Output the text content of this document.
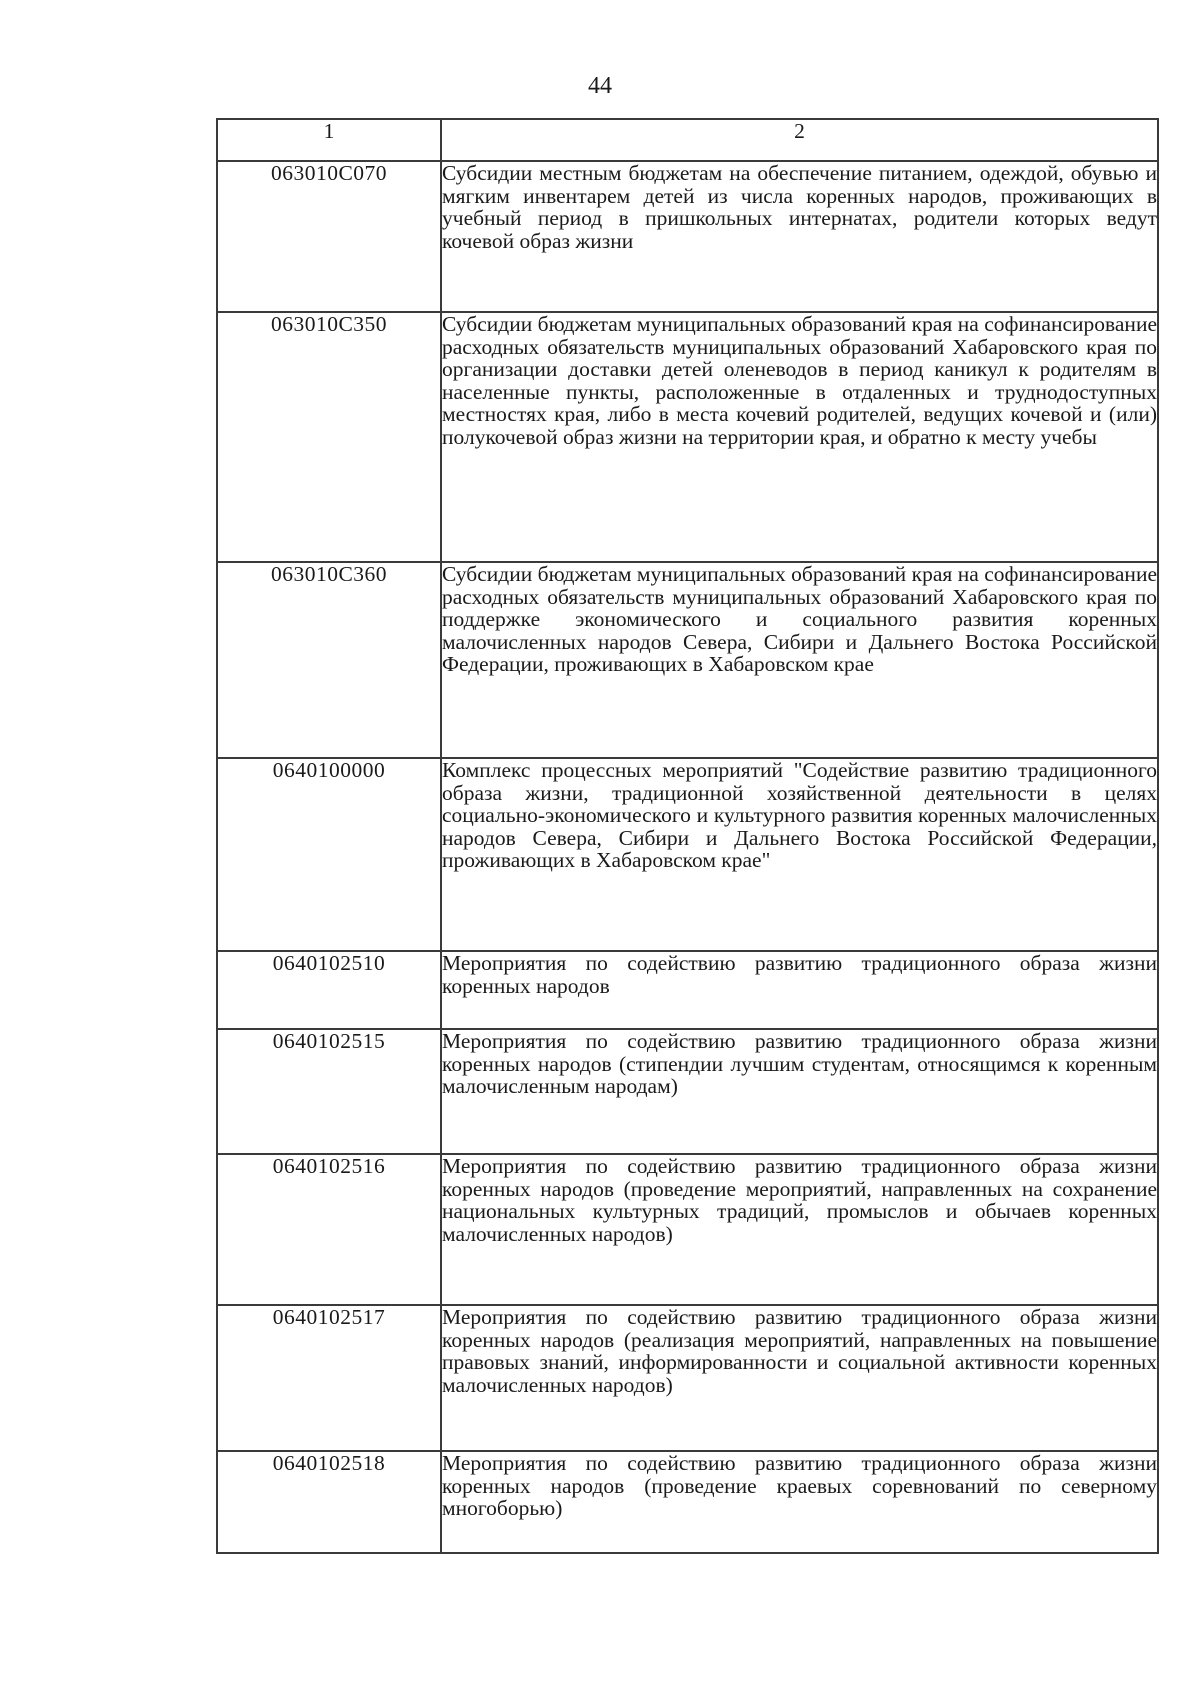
44
1	2
063010С070	Субсидии местным бюджетам на обеспечение питанием, одеждой, обувью и мягким инвентарем детей из числа коренных народов, проживающих в учебный период в пришкольных интернатах, родители которых ведут кочевой образ жизни
063010С350	Субсидии бюджетам муниципальных образований края на софинансирование расходных обязательств муниципальных образований Хабаровского края по организации доставки детей оленеводов в период каникул к родителям в населенные пункты, расположенные в отдаленных и труднодоступных местностях края, либо в места кочевий родителей, ведущих кочевой и (или) полукочевой образ жизни на территории края, и обратно к месту учебы
063010С360	Субсидии бюджетам муниципальных образований края на софинансирование расходных обязательств муниципальных образований Хабаровского края по поддержке экономического и социального развития коренных малочисленных народов Севера, Сибири и Дальнего Востока Российской Федерации, проживающих в Хабаровском крае
0640100000	Комплекс процессных мероприятий "Содействие развитию традиционного образа жизни, традиционной хозяйственной деятельности в целях социально-экономического и культурного развития коренных малочисленных народов Севера, Сибири и Дальнего Востока Российской Федерации, проживающих в Хабаровском крае"
0640102510	Мероприятия по содействию развитию традиционного образа жизни коренных народов
0640102515	Мероприятия по содействию развитию традиционного образа жизни коренных народов (стипендии лучшим студентам, относящимся к коренным малочисленным народам)
0640102516	Мероприятия по содействию развитию традиционного образа жизни коренных народов (проведение мероприятий, направленных на сохранение национальных культурных традиций, промыслов и обычаев коренных малочисленных народов)
0640102517	Мероприятия по содействию развитию традиционного образа жизни коренных народов (реализация мероприятий, направленных на повышение правовых знаний, информированности и социальной активности коренных малочисленных народов)
0640102518	Мероприятия по содействию развитию традиционного образа жизни коренных народов (проведение краевых соревнований по северному многоборью)
